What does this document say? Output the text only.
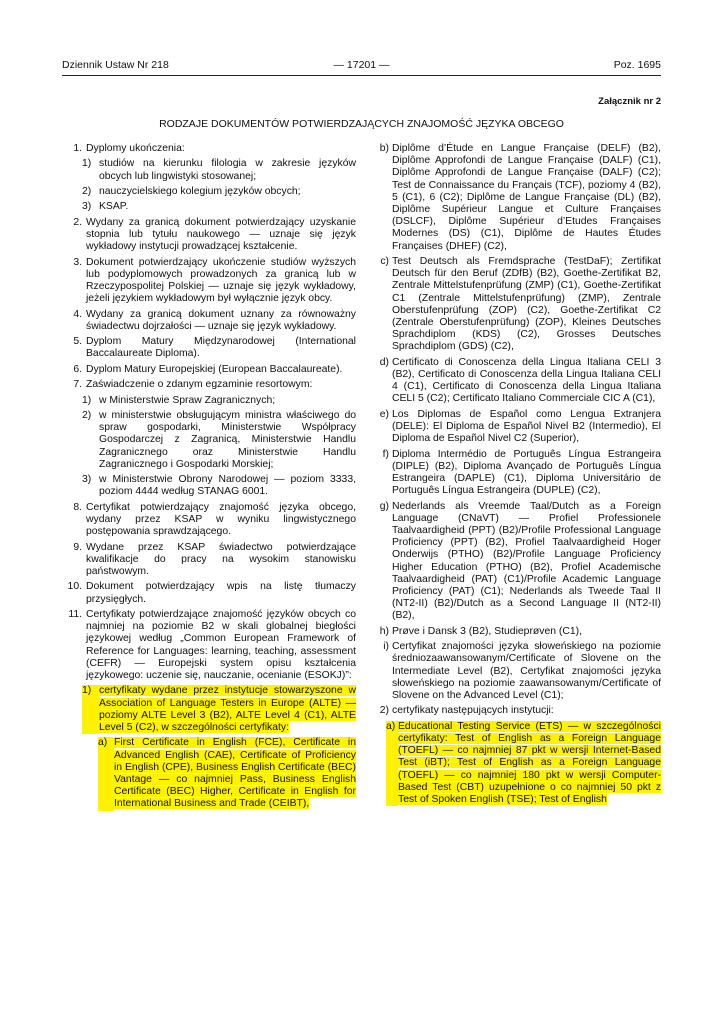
Dziennik Ustaw Nr 218	— 17201 —	Poz. 1695
Załącznik nr 2
RODZAJE DOKUMENTÓW POTWIERDZAJĄCYCH ZNAJOMOŚĆ JĘZYKA OBCEGO
1. Dyplomy ukończenia:
1) studiów na kierunku filologia w zakresie języków obcych lub lingwistyki stosowanej;
2) nauczycielskiego kolegium języków obcych;
3) KSAP.
2. Wydany za granicą dokument potwierdzający uzyskanie stopnia lub tytułu naukowego — uznaje się język wykładowy instytucji prowadzącej kształcenie.
3. Dokument potwierdzający ukończenie studiów wyższych lub podyplomowych prowadzonych za granicą lub w Rzeczypospolitej Polskiej — uznaje się język wykładowy, jeżeli językiem wykładowym był wyłącznie język obcy.
4. Wydany za granicą dokument uznany za równoważny świadectwu dojrzałości — uznaje się język wykładowy.
5. Dyplom Matury Międzynarodowej (International Baccalaureate Diploma).
6. Dyplom Matury Europejskiej (European Baccalaureate).
7. Zaświadczenie o zdanym egzaminie resortowym:
1) w Ministerstwie Spraw Zagranicznych;
2) w ministerstwie obsługującym ministra właściwego do spraw gospodarki, Ministerstwie Współpracy Gospodarczej z Zagranicą, Ministerstwie Handlu Zagranicznego oraz Ministerstwie Handlu Zagranicznego i Gospodarki Morskiej;
3) w Ministerstwie Obrony Narodowej — poziom 3333, poziom 4444 według STANAG 6001.
8. Certyfikat potwierdzający znajomość języka obcego, wydany przez KSAP w wyniku lingwistycznego postępowania sprawdzającego.
9. Wydane przez KSAP świadectwo potwierdzające kwalifikacje do pracy na wysokim stanowisku państwowym.
10. Dokument potwierdzający wpis na listę tłumaczy przysięgłych.
11. Certyfikaty potwierdzające znajomość języków obcych co najmniej na poziomie B2 w skali globalnej biegłości językowej według „Common European Framework of Reference for Languages: learning, teaching, assessment (CEFR) — Europejski system opisu kształcenia językowego: uczenie się, nauczanie, ocenianie (ESOKJ)”:
1) certyfikaty wydane przez instytucje stowarzyszone w Association of Language Testers in Europe (ALTE) — poziomy ALTE Level 3 (B2), ALTE Level 4 (C1), ALTE Level 5 (C2), w szczególności certyfikaty:
a) First Certificate in English (FCE), Certificate in Advanced English (CAE), Certificate of Proficiency in English (CPE), Business English Certificate (BEC) Vantage — co najmniej Pass, Business English Certificate (BEC) Higher, Certificate in English for International Business and Trade (CEIBT),
b) Diplôme d’Étude en Langue Française (DELF) (B2), Diplôme Approfondi de Langue Française (DALF) (C1), Diplôme Approfondi de Langue Française (DALF) (C2); Test de Connaissance du Français (TCF), poziomy 4 (B2), 5 (C1), 6 (C2); Diplôme de Langue Française (DL) (B2), Diplôme Supérieur Langue et Culture Françaises (DSLCF), Diplôme Supérieur d’Etudes Françaises Modernes (DS) (C1), Diplôme de Hautes Études Françaises (DHEF) (C2),
c) Test Deutsch als Fremdsprache (TestDaF); Zertifikat Deutsch für den Beruf (ZDfB) (B2), Goethe-Zertifikat B2, Zentrale Mittelstufenprüfung (ZMP) (C1), Goethe-Zertifikat C1 (Zentrale Mittelstufenprüfung) (ZMP), Zentrale Oberstufenprüfung (ZOP) (C2), Goethe-Zertifikat C2 (Zentrale Oberstufenprüfung) (ZOP), Kleines Deutsches Sprachdiplom (KDS) (C2), Grosses Deutsches Sprachdiplom (GDS) (C2),
d) Certificato di Conoscenza della Lingua Italiana CELI 3 (B2), Certificato di Conoscenza della Lingua Italiana CELI 4 (C1), Certificato di Conoscenza della Lingua Italiana CELI 5 (C2); Certificato Italiano Commerciale CIC A (C1),
e) Los Diplomas de Español como Lengua Extranjera (DELE): El Diploma de Español Nivel B2 (Intermedio), El Diploma de Español Nivel C2 (Superior),
f) Diploma Intermédio de Português Língua Estrangeira (DIPLE) (B2), Diploma Avançado de Português Língua Estrangeira (DAPLE) (C1), Diploma Universitário de Português Língua Estrangeira (DUPLE) (C2),
g) Nederlands als Vreemde Taal/Dutch as a Foreign Language (CNaVT) — Profiel Professionele Taalvaardigheid (PPT) (B2)/Profile Professional Language Proficiency (PPT) (B2), Profiel Taalvaardigheid Hoger Onderwijs (PTHO) (B2)/Profile Language Proficiency Higher Education (PTHO) (B2), Profiel Academische Taalvaardigheid (PAT) (C1)/Profile Academic Language Proficiency (PAT) (C1); Nederlands als Tweede Taal II (NT2-II) (B2)/Dutch as a Second Language II (NT2-II) (B2),
h) Prøve i Dansk 3 (B2), Studieprøven (C1),
i) Certyfikat znajomości języka słoweńskiego na poziomie średniozaawansowanym/Certificate of Slovene on the Intermediate Level (B2), Certyfikat znajomości języka słoweńskiego na poziomie zaawansowanym/Certificate of Slovene on the Advanced Level (C1);
2) certyfikaty następujących instytucji:
a) Educational Testing Service (ETS) — w szczególności certyfikaty: Test of English as a Foreign Language (TOEFL) — co najmniej 87 pkt w wersji Internet-Based Test (iBT); Test of English as a Foreign Language (TOEFL) — co najmniej 180 pkt w wersji Computer-Based Test (CBT) uzupełnione o co najmniej 50 pkt z Test of Spoken English (TSE); Test of English
